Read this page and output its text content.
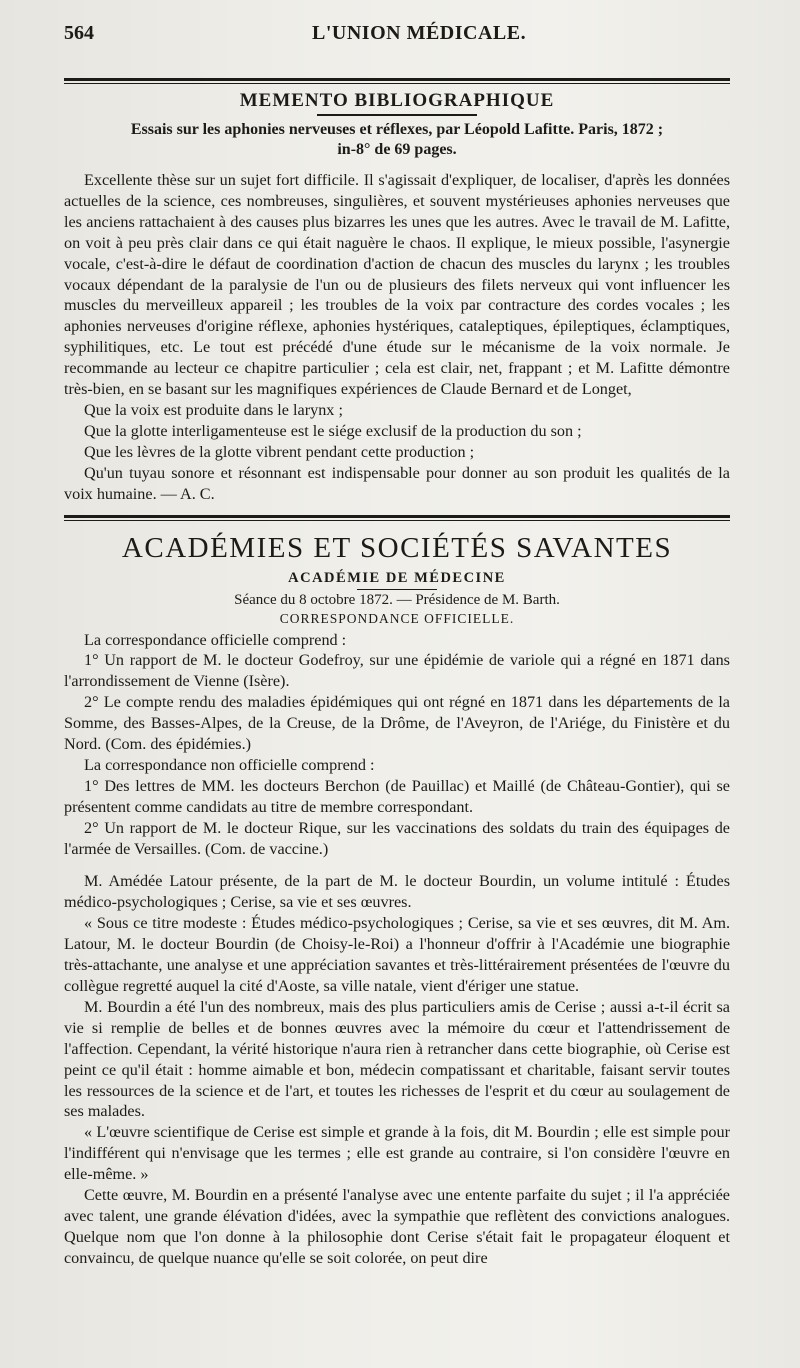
564	L'UNION MÉDICALE.
MEMENTO BIBLIOGRAPHIQUE
Essais sur les aphonies nerveuses et réflexes, par Léopold Lafitte. Paris, 1872 ;
in-8° de 69 pages.

Excellente thèse sur un sujet fort difficile. Il s'agissait d'expliquer, de localiser, d'après les données actuelles de la science, ces nombreuses, singulières, et souvent mystérieuses aphonies nerveuses que les anciens rattachaient à des causes plus bizarres les unes que les autres. Avec le travail de M. Lafitte, on voit à peu près clair dans ce qui était naguère le chaos. Il explique, le mieux possible, l'asynergie vocale, c'est-à-dire le défaut de coordination d'action de chacun des muscles du larynx ; les troubles vocaux dépendant de la paralysie de l'un ou de plusieurs des filets nerveux qui vont influencer les muscles du merveilleux appareil ; les troubles de la voix par contracture des cordes vocales ; les aphonies nerveuses d'origine réflexe, aphonies hystériques, cataleptiques, épileptiques, éclamptiques, syphilitiques, etc. Le tout est précédé d'une étude sur le mécanisme de la voix normale. Je recommande au lecteur ce chapitre particulier ; cela est clair, net, frappant ; et M. Lafitte démontre très-bien, en se basant sur les magnifiques expériences de Claude Bernard et de Longet,

Que la voix est produite dans le larynx ;

Que la glotte interligamenteuse est le siége exclusif de la production du son ;

Que les lèvres de la glotte vibrent pendant cette production ;

Qu'un tuyau sonore et résonnant est indispensable pour donner au son produit les qualités de la voix humaine. — A. C.

ACADÉMIES ET SOCIÉTÉS SAVANTES
ACADÉMIE DE MÉDECINE
Séance du 8 octobre 1872. — Présidence de M. Barth.
CORRESPONDANCE OFFICIELLE.

La correspondance officielle comprend :

1° Un rapport de M. le docteur Godefroy, sur une épidémie de variole qui a régné en 1871 dans l'arrondissement de Vienne (Isère).

2° Le compte rendu des maladies épidémiques qui ont régné en 1871 dans les départements de la Somme, des Basses-Alpes, de la Creuse, de la Drôme, de l'Aveyron, de l'Ariége, du Finistère et du Nord. (Com. des épidémies.)

La correspondance non officielle comprend :

1° Des lettres de MM. les docteurs Berchon (de Pauillac) et Maillé (de Château-Gontier), qui se présentent comme candidats au titre de membre correspondant.

2° Un rapport de M. le docteur Rique, sur les vaccinations des soldats du train des équipages de l'armée de Versailles. (Com. de vaccine.)

M. Amédée Latour présente, de la part de M. le docteur Bourdin, un volume intitulé : Études médico-psychologiques ; Cerise, sa vie et ses œuvres.

« Sous ce titre modeste : Études médico-psychologiques ; Cerise, sa vie et ses œuvres, dit M. Am. Latour, M. le docteur Bourdin (de Choisy-le-Roi) a l'honneur d'offrir à l'Académie une biographie très-attachante, une analyse et une appréciation savantes et très-littérairement présentées de l'œuvre du collègue regretté auquel la cité d'Aoste, sa ville natale, vient d'ériger une statue.

M. Bourdin a été l'un des nombreux, mais des plus particuliers amis de Cerise ; aussi a-t-il écrit sa vie si remplie de belles et de bonnes œuvres avec la mémoire du cœur et l'attendrissement de l'affection. Cependant, la vérité historique n'aura rien à retrancher dans cette biographie, où Cerise est peint ce qu'il était : homme aimable et bon, médecin compatissant et charitable, faisant servir toutes les ressources de la science et de l'art, et toutes les richesses de l'esprit et du cœur au soulagement de ses malades.

« L'œuvre scientifique de Cerise est simple et grande à la fois, dit M. Bourdin ; elle est simple pour l'indifférent qui n'envisage que les termes ; elle est grande au contraire, si l'on considère l'œuvre en elle-même. »

Cette œuvre, M. Bourdin en a présenté l'analyse avec une entente parfaite du sujet ; il l'a appréciée avec talent, une grande élévation d'idées, avec la sympathie que reflètent des convictions analogues. Quelque nom que l'on donne à la philosophie dont Cerise s'était fait le propagateur éloquent et convaincu, de quelque nuance qu'elle se soit colorée, on peut dire
